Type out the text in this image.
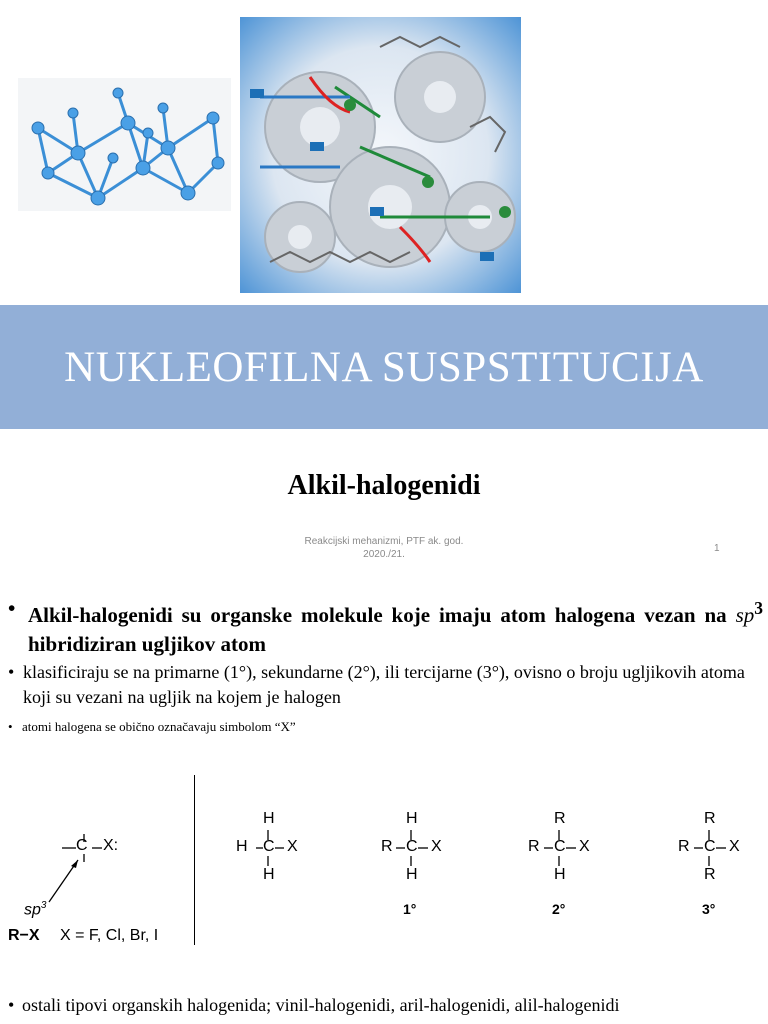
NUKLEOFILNA SUSPSTITUCIJA
Alkil-halogenidi
Reakcijski mehanizmi, PTF ak. god.
2020./21.
1
• Alkil-halogenidi su organske molekule koje imaju atom halogena vezan na $sp^3$ hibridiziran ugljikov atom
• klasificiraju se na primarne (1°), sekundarne (2°), ili tercijarne (3°), ovisno o broju ugljikovih atoma koji su vezani na ugljik na kojem je halogen
• atomi halogena se obično označavaju simbolom “X”
C X:
$sp^3$
R−X X = F, Cl, Br, I
H
H C X
H
H
R C X
H
1°
R
R C X
H
2°
R
R C X
R
3°
• ostali tipovi organskih halogenida; vinil-halogenidi, aril-halogenidi, alil-halogenidi
